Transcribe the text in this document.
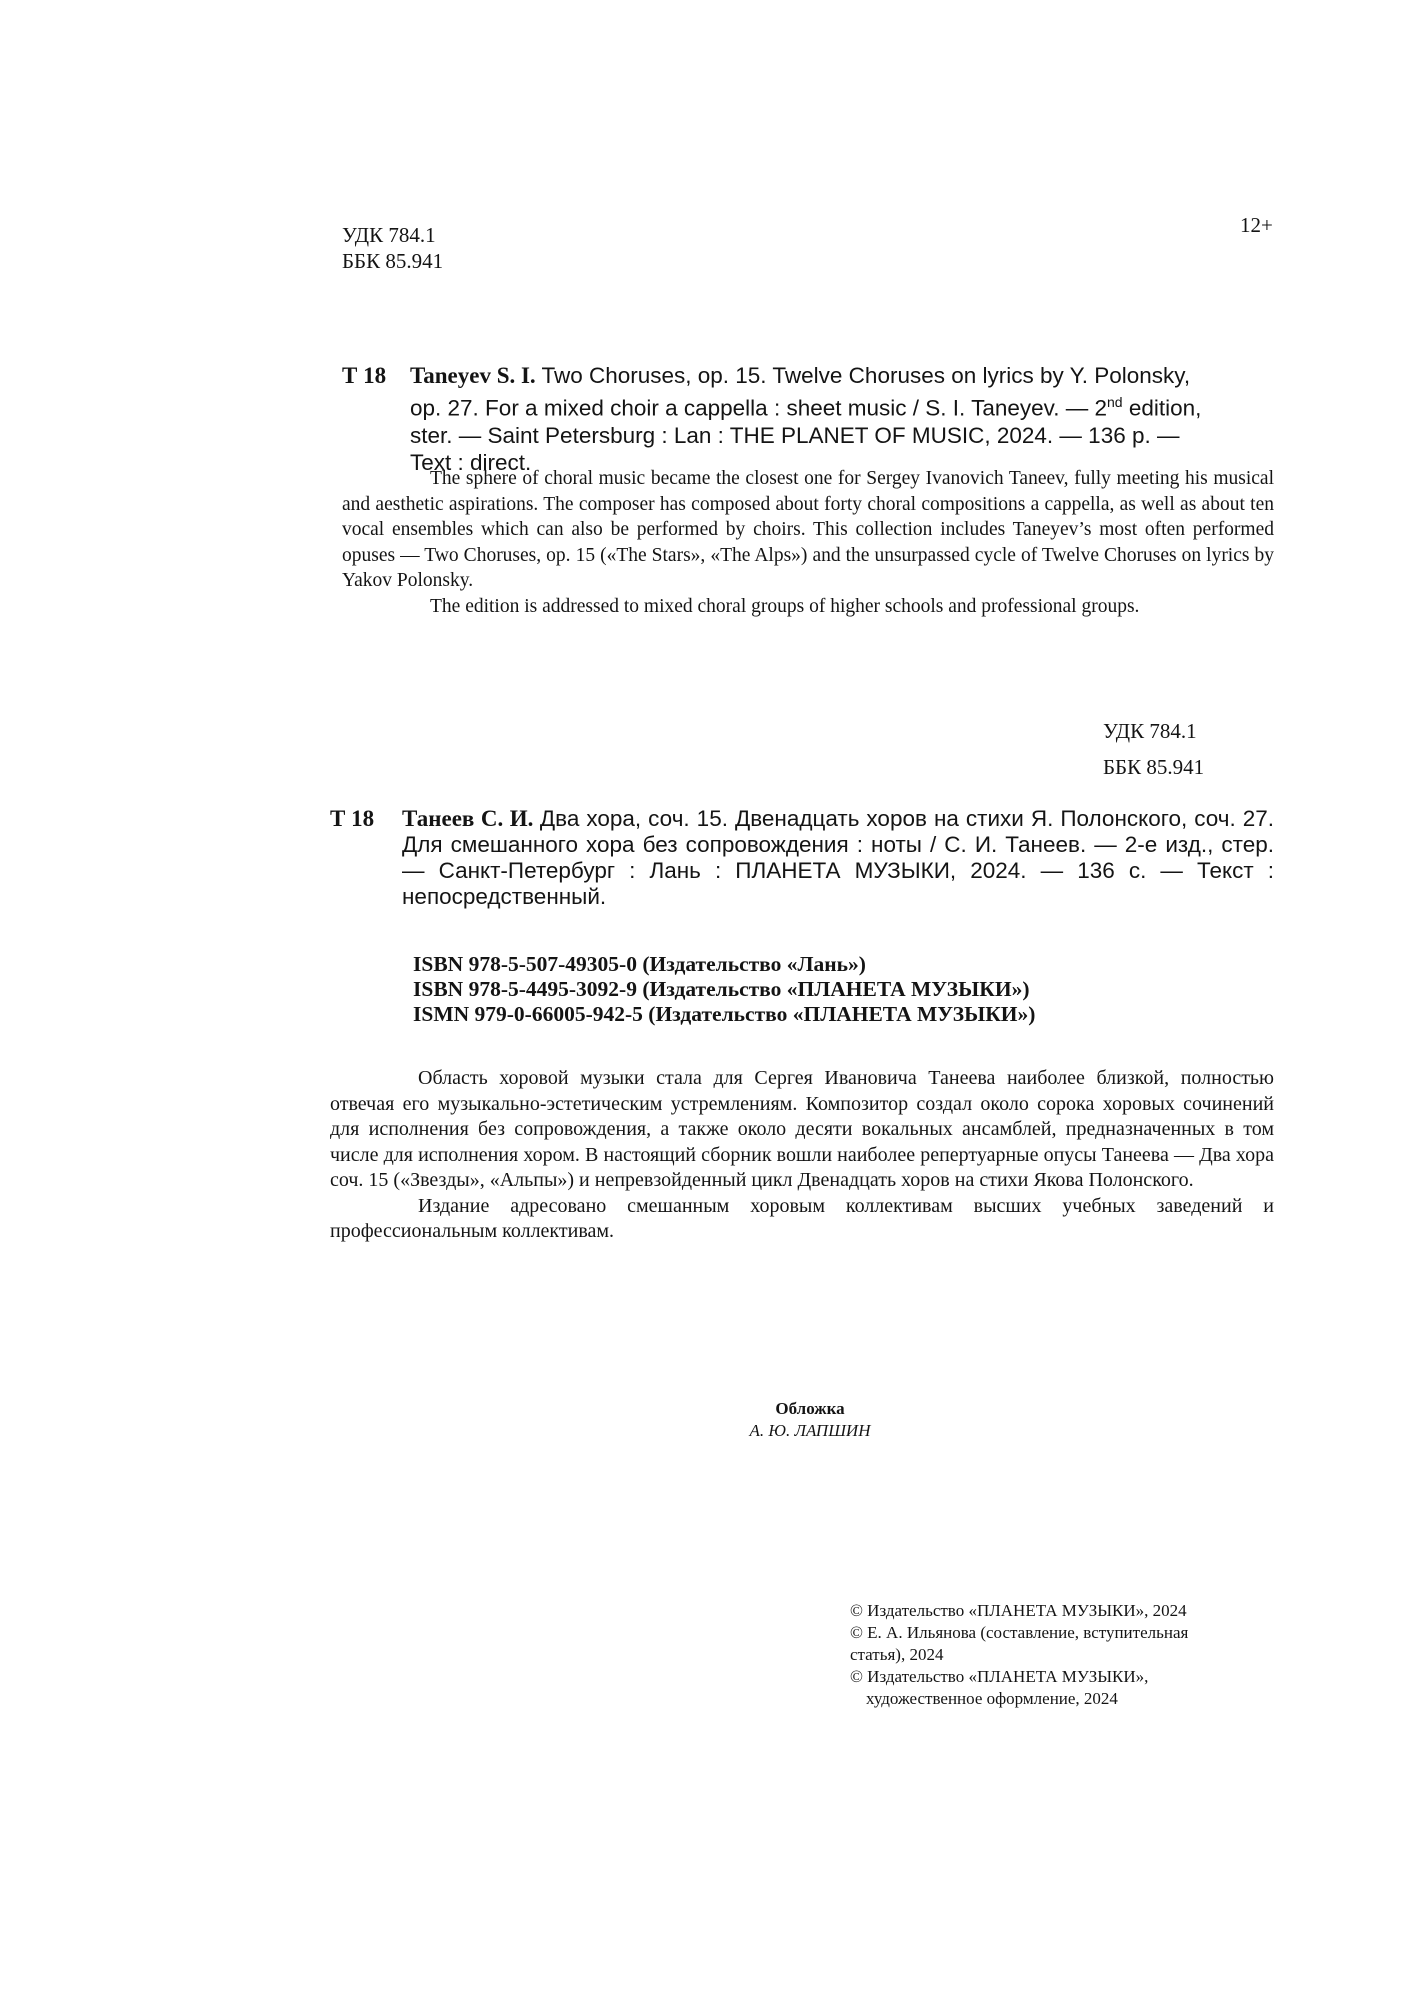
УДК 784.1
ББК 85.941
12+
Т 18 Taneyev S. I. Two Choruses, op. 15. Twelve Choruses on lyrics by Y. Polonsky,
op. 27. For a mixed choir a cappella : sheet music / S. I. Taneyev. — 2nd edition,
ster. — Saint Petersburg : Lan : THE PLANET OF MUSIC, 2024. — 136 p. —
Text : direct.

The sphere of choral music became the closest one for Sergey Ivanovich Taneev, fully meeting his musical and aesthetic aspirations. The composer has composed about forty choral compositions a cappella, as well as about ten vocal ensembles which can also be performed by choirs. This collection includes Taneyev’s most often performed opuses — Two Choruses, op. 15 («The Stars», «The Alps») and the unsurpassed cycle of Twelve Choruses on lyrics by Yakov Polonsky.

The edition is addressed to mixed choral groups of higher schools and professional groups.

УДК 784.1
ББК 85.941
Т 18 Танеев С. И. Два хора, соч. 15. Двенадцать хоров на стихи Я. Полонского, соч. 27. Для смешанного хора без сопровождения : ноты / С. И. Танеев. — 2-е изд., стер. — Санкт-Петербург : Лань : ПЛАНЕТА МУЗЫКИ, 2024. — 136 с. — Текст : непосредственный.
ISBN 978-5-507-49305-0 (Издательство «Лань»)
ISBN 978-5-4495-3092-9 (Издательство «ПЛАНЕТА МУЗЫКИ»)
ISMN 979-0-66005-942-5 (Издательство «ПЛАНЕТА МУЗЫКИ»)

Область хоровой музыки стала для Сергея Ивановича Танеева наиболее близкой, полностью отвечая его музыкально-эстетическим устремлениям. Композитор создал около сорока хоровых сочинений для исполнения без сопровождения, а также около десяти вокальных ансамблей, предназначенных в том числе для исполнения хором. В настоящий сборник вошли наиболее репертуарные опусы Танеева — Два хора соч. 15 («Звезды», «Альпы») и непревзойденный цикл Двенадцать хоров на стихи Якова Полонского.

Издание адресовано смешанным хоровым коллективам высших учебных заведений и профессиональным коллективам.

Обложка
А. Ю. ЛАПШИН
© Издательство «ПЛАНЕТА МУЗЫКИ», 2024
© Е. А. Ильянова (составление, вступительная
статья), 2024
© Издательство «ПЛАНЕТА МУЗЫКИ»,
художественное оформление, 2024
